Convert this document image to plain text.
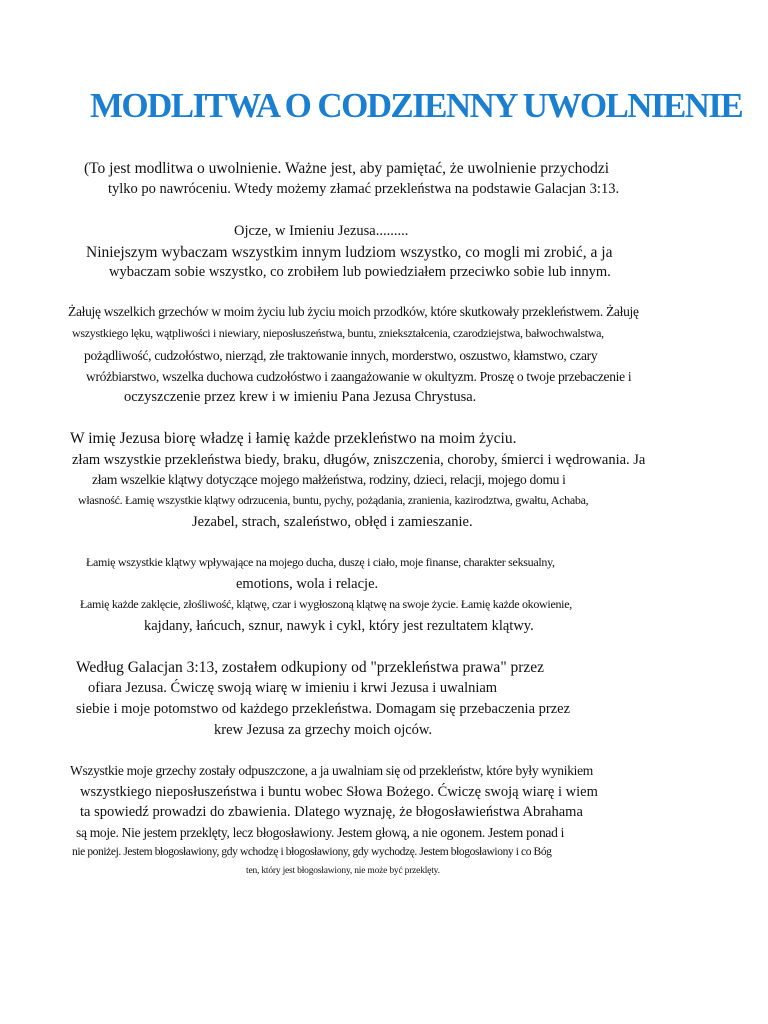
MODLITWA O CODZIENNY UWOLNIENIE
(To jest modlitwa o uwolnienie. Ważne jest, aby pamiętać, że uwolnienie przychodzi
tylko po nawróceniu. Wtedy możemy złamać przekleństwa na podstawie Galacjan 3:13.
Ojcze, w Imieniu Jezusa.........
Niniejszym wybaczam wszystkim innym ludziom wszystko, co mogli mi zrobić, a ja
wybaczam sobie wszystko, co zrobiłem lub powiedziałem przeciwko sobie lub innym.
Żałuję wszelkich grzechów w moim życiu lub życiu moich przodków, które skutkowały przekleństwem. Żałuję
wszystkiego lęku, wątpliwości i niewiary, nieposłuszeństwa, buntu, zniekształcenia, czarodziejstwa, bałwochwalstwa,
pożądliwość, cudzołóstwo, nierząd, złe traktowanie innych, morderstwo, oszustwo, kłamstwo, czary
wróżbiarstwo, wszelka duchowa cudzołóstwo i zaangażowanie w okultyzm. Proszę o twoje przebaczenie i
oczyszczenie przez krew i w imieniu Pana Jezusa Chrystusa.
W imię Jezusa biorę władzę i łamię każde przekleństwo na moim życiu.
złam wszystkie przekleństwa biedy, braku, długów, zniszczenia, choroby, śmierci i wędrowania. Ja
złam wszelkie klątwy dotyczące mojego małżeństwa, rodziny, dzieci, relacji, mojego domu i
własność. Łamię wszystkie klątwy odrzucenia, buntu, pychy, pożądania, zranienia, kazirodztwa, gwałtu, Achaba,
Jezabel, strach, szaleństwo, obłęd i zamieszanie.
Łamię wszystkie klątwy wpływające na mojego ducha, duszę i ciało, moje finanse, charakter seksualny,
emotions, wola i relacje.
Łamię każde zaklęcie, złośliwość, klątwę, czar i wygłoszoną klątwę na swoje życie. Łamię każde okowienie,
kajdany, łańcuch, sznur, nawyk i cykl, który jest rezultatem klątwy.
Według Galacjan 3:13, zostałem odkupiony od "przekleństwa prawa" przez
ofiara Jezusa. Ćwiczę swoją wiarę w imieniu i krwi Jezusa i uwalniam
siebie i moje potomstwo od każdego przekleństwa. Domagam się przebaczenia przez
krew Jezusa za grzechy moich ojców.
Wszystkie moje grzechy zostały odpuszczone, a ja uwalniam się od przekleństw, które były wynikiem
wszystkiego nieposłuszeństwa i buntu wobec Słowa Bożego. Ćwiczę swoją wiarę i wiem
ta spowiedź prowadzi do zbawienia. Dlatego wyznaję, że błogosławieństwa Abrahama
są moje. Nie jestem przeklęty, lecz błogosławiony. Jestem głową, a nie ogonem. Jestem ponad i
nie poniżej. Jestem błogosławiony, gdy wchodzę i błogosławiony, gdy wychodzę. Jestem błogosławiony i co Bóg
ten, który jest błogosławiony, nie może być przeklęty.
